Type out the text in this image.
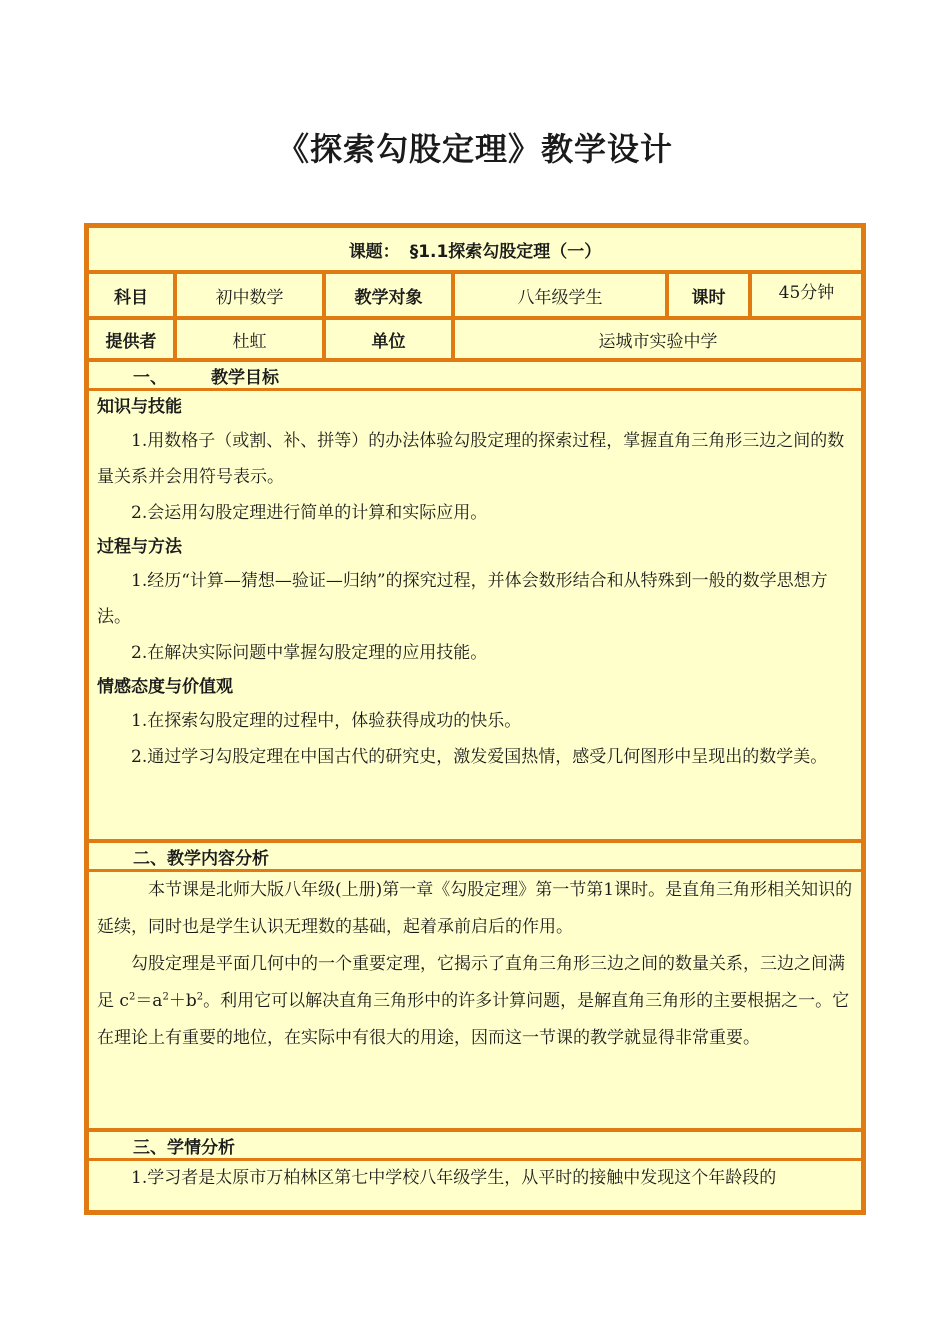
《探索勾股定理》教学设计
课题： §1.1探索勾股定理（一）
科目	初中数学	教学对象	八年级学生	课时	45分钟
提供者	杜虹	单位	运城市实验中学
一、	教学目标

知识与技能

1.用数格子（或割、补、拼等）的办法体验勾股定理的探索过程，掌握直角三角形三边之间的数量关系并会用符号表示。

2.会运用勾股定理进行简单的计算和实际应用。

过程与方法

1.经历“计算—猜想—验证—归纳”的探究过程，并体会数形结合和从特殊到一般的数学思想方法。

2.在解决实际问题中掌握勾股定理的应用技能。

情感态度与价值观

1.在探索勾股定理的过程中，体验获得成功的快乐。

2.通过学习勾股定理在中国古代的研究史，激发爱国热情，感受几何图形中呈现出的数学美。

二、教学内容分析

本节课是北师大版八年级(上册)第一章《勾股定理》第一节第1课时。是直角三角形相关知识的延续，同时也是学生认识无理数的基础，起着承前启后的作用。

勾股定理是平面几何中的一个重要定理，它揭示了直角三角形三边之间的数量关系，三边之间满足 $c^2=a^2+b^2$。利用它可以解决直角三角形中的许多计算问题，是解直角三角形的主要根据之一。它在理论上有重要的地位，在实际中有很大的用途，因而这一节课的教学就显得非常重要。

三、学情分析

1.学习者是太原市万柏林区第七中学校八年级学生，从平时的接触中发现这个年龄段的
